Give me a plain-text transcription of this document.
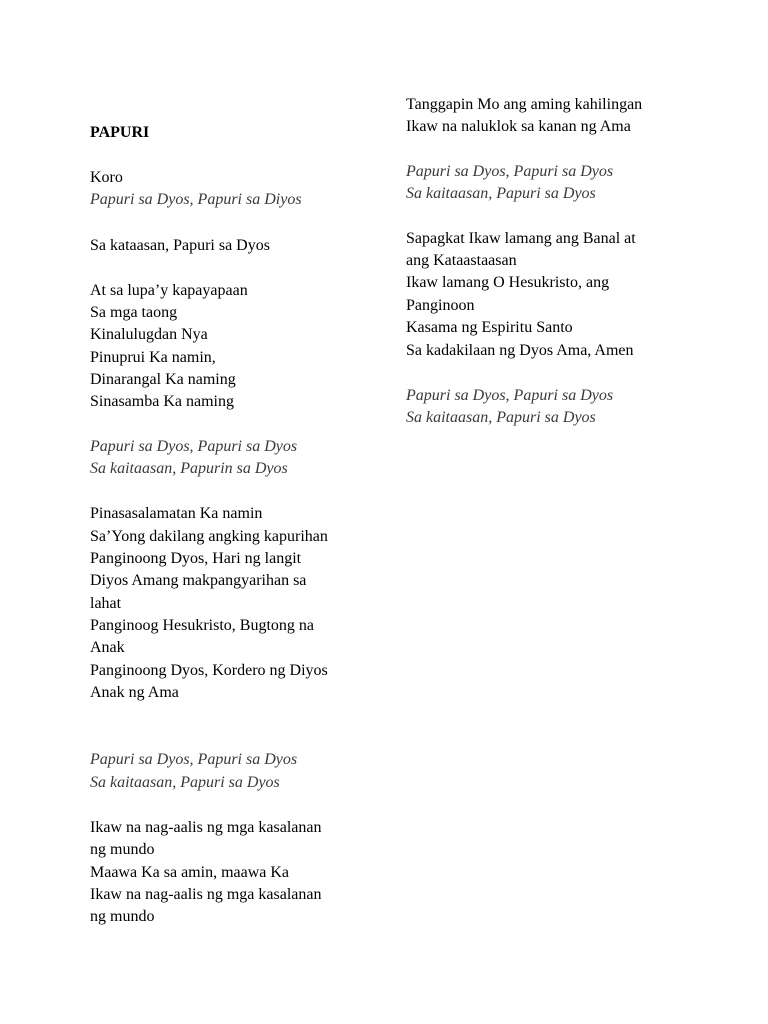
PAPURI
Koro
Papuri sa Dyos, Papuri sa Diyos
Sa kataasan, Papuri sa Dyos
At sa lupa’y kapayapaan
Sa mga taong
Kinalulugdan Nya
Pinuprui Ka namin,
Dinarangal Ka naming
Sinasamba Ka naming
Papuri sa Dyos, Papuri sa Dyos
Sa kaitaasan, Papurin sa Dyos
Pinasasalamatan Ka namin
Sa’Yong dakilang angking kapurihan
Panginoong Dyos, Hari ng langit
Diyos Amang makpangyarihan sa
lahat
Panginoog Hesukristo, Bugtong na
Anak
Panginoong Dyos, Kordero ng Diyos
Anak ng Ama
Papuri sa Dyos, Papuri sa Dyos
Sa kaitaasan, Papuri sa Dyos
Ikaw na nag-aalis ng mga kasalanan
ng mundo
Maawa Ka sa amin, maawa Ka
Ikaw na nag-aalis ng mga kasalanan
ng mundo
Tanggapin Mo ang aming kahilingan
Ikaw na naluklok sa kanan ng Ama
Papuri sa Dyos, Papuri sa Dyos
Sa kaitaasan, Papuri sa Dyos
Sapagkat Ikaw lamang ang Banal at
ang Kataastaasan
Ikaw lamang O Hesukristo, ang
Panginoon
Kasama ng Espiritu Santo
Sa kadakilaan ng Dyos Ama, Amen
Papuri sa Dyos, Papuri sa Dyos
Sa kaitaasan, Papuri sa Dyos
